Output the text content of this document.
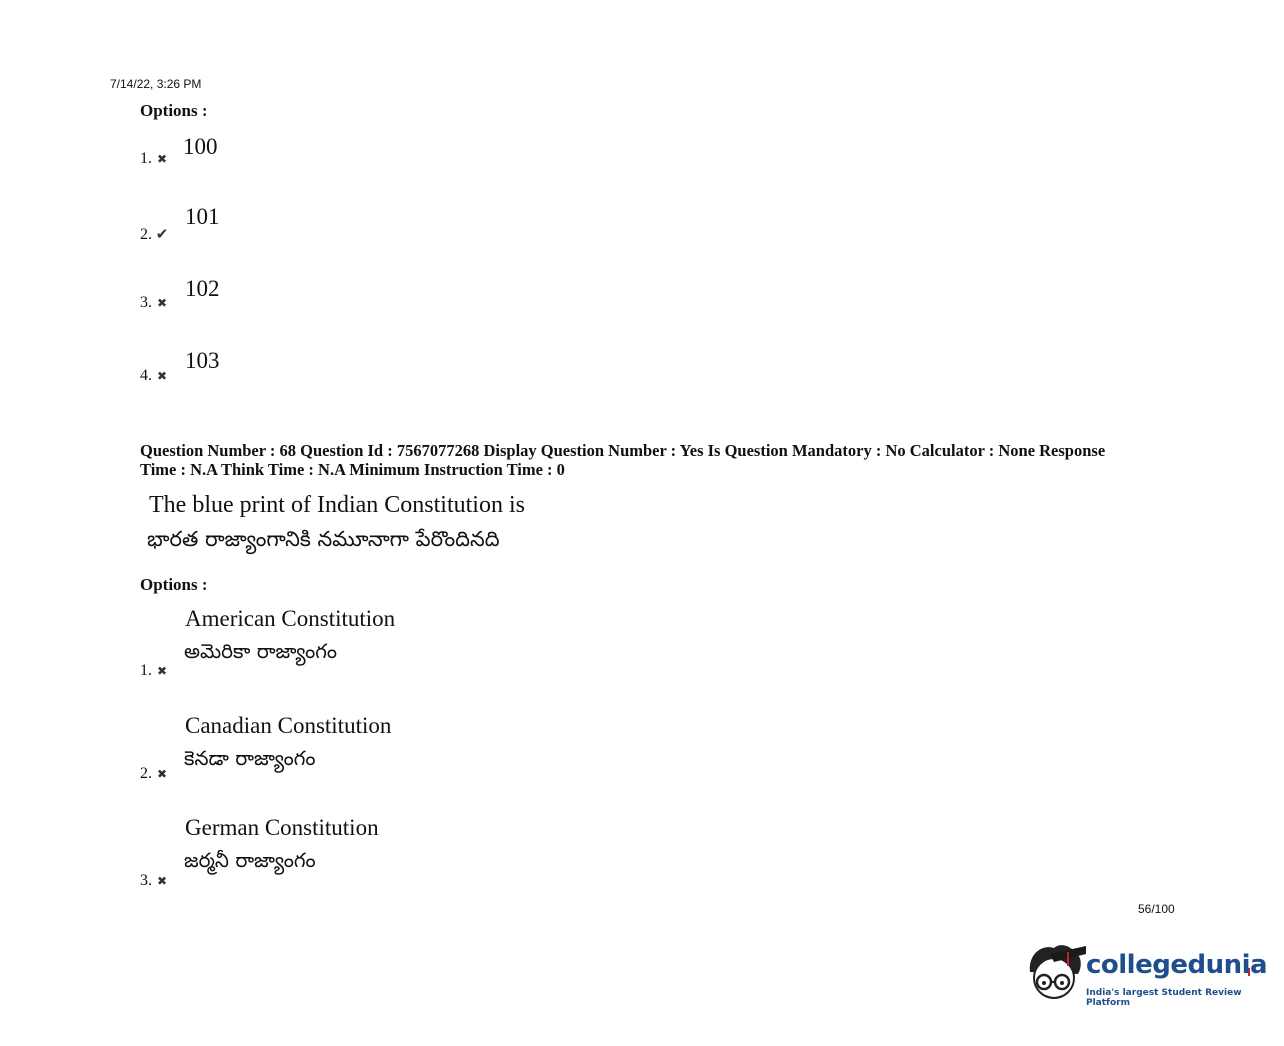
7/14/22, 3:26 PM
Options :
1. ✖ 100
2. ✔
101
3. ✖
102
4. ✖
103
Question Number : 68 Question Id : 7567077268 Display Question Number : Yes Is Question Mandatory : No Calculator : None Response
Time : N.A Think Time : N.A Minimum Instruction Time : 0
The blue print of Indian Constitution is
భారత రాజ్యాంగానికి నమూనాగా పేరొందినది
Options :
American Constitution
అమెరికా రాజ్యాంగం
1. ✖
Canadian Constitution
కెనడా రాజ్యాంగం
2. ✖
German Constitution
జర్మనీ రాజ్యాంగం
3. ✖
56/100
collegedunia
India's largest Student Review Platform
